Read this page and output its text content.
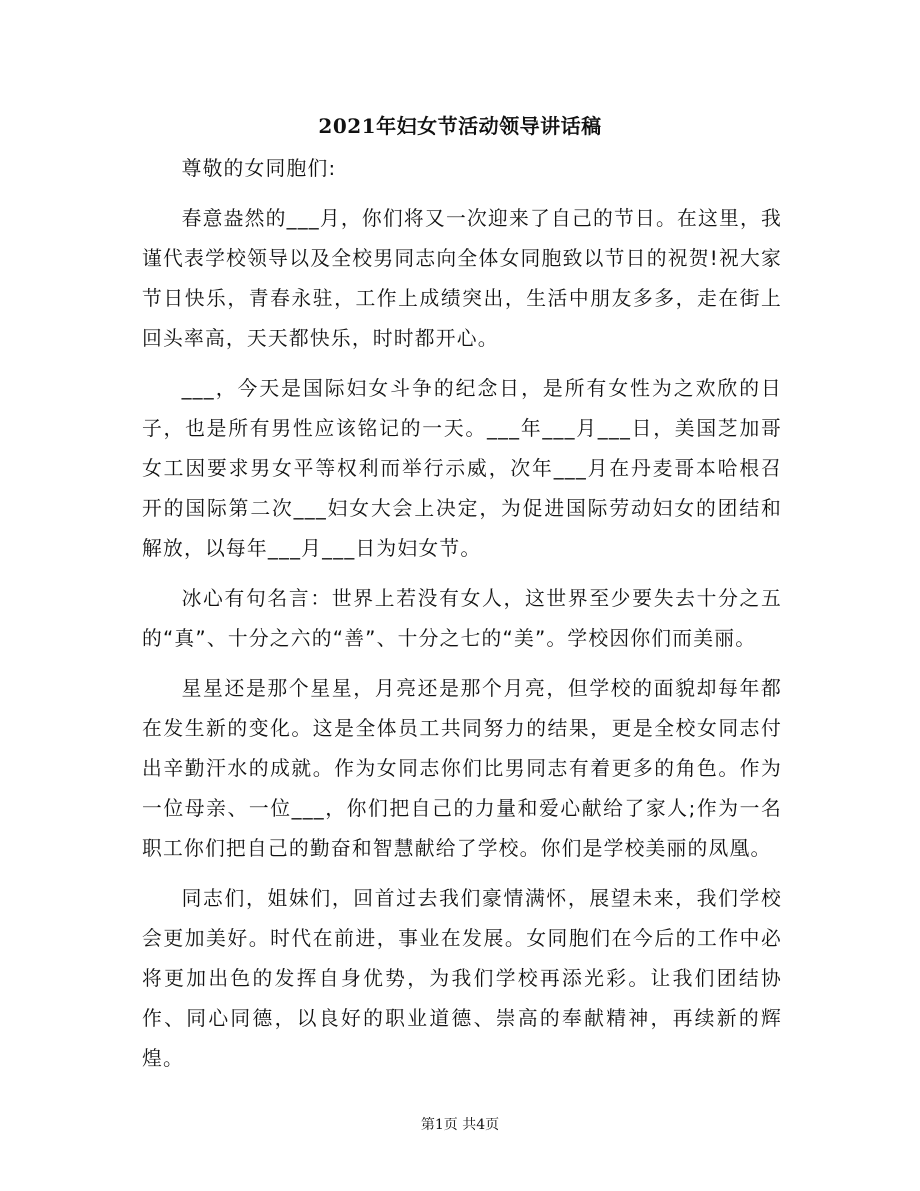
2021年妇女节活动领导讲话稿

尊敬的女同胞们:

春意盎然的___月，你们将又一次迎来了自己的节日。在这里，我谨代表学校领导以及全校男同志向全体女同胞致以节日的祝贺!祝大家节日快乐，青春永驻，工作上成绩突出，生活中朋友多多，走在街上回头率高，天天都快乐，时时都开心。

___，今天是国际妇女斗争的纪念日，是所有女性为之欢欣的日子，也是所有男性应该铭记的一天。___年___月___日，美国芝加哥女工因要求男女平等权利而举行示威，次年___月在丹麦哥本哈根召开的国际第二次___妇女大会上决定，为促进国际劳动妇女的团结和解放，以每年___月___日为妇女节。

冰心有句名言：世界上若没有女人，这世界至少要失去十分之五的“真”、十分之六的“善”、十分之七的“美”。学校因你们而美丽。

星星还是那个星星，月亮还是那个月亮，但学校的面貌却每年都在发生新的变化。这是全体员工共同努力的结果，更是全校女同志付出辛勤汗水的成就。作为女同志你们比男同志有着更多的角色。作为一位母亲、一位___，你们把自己的力量和爱心献给了家人;作为一名职工你们把自己的勤奋和智慧献给了学校。你们是学校美丽的凤凰。

同志们，姐妹们，回首过去我们豪情满怀，展望未来，我们学校会更加美好。时代在前进，事业在发展。女同胞们在今后的工作中必将更加出色的发挥自身优势，为我们学校再添光彩。让我们团结协作、同心同德，以良好的职业道德、崇高的奉献精神，再续新的辉煌。

第1页 共4页
